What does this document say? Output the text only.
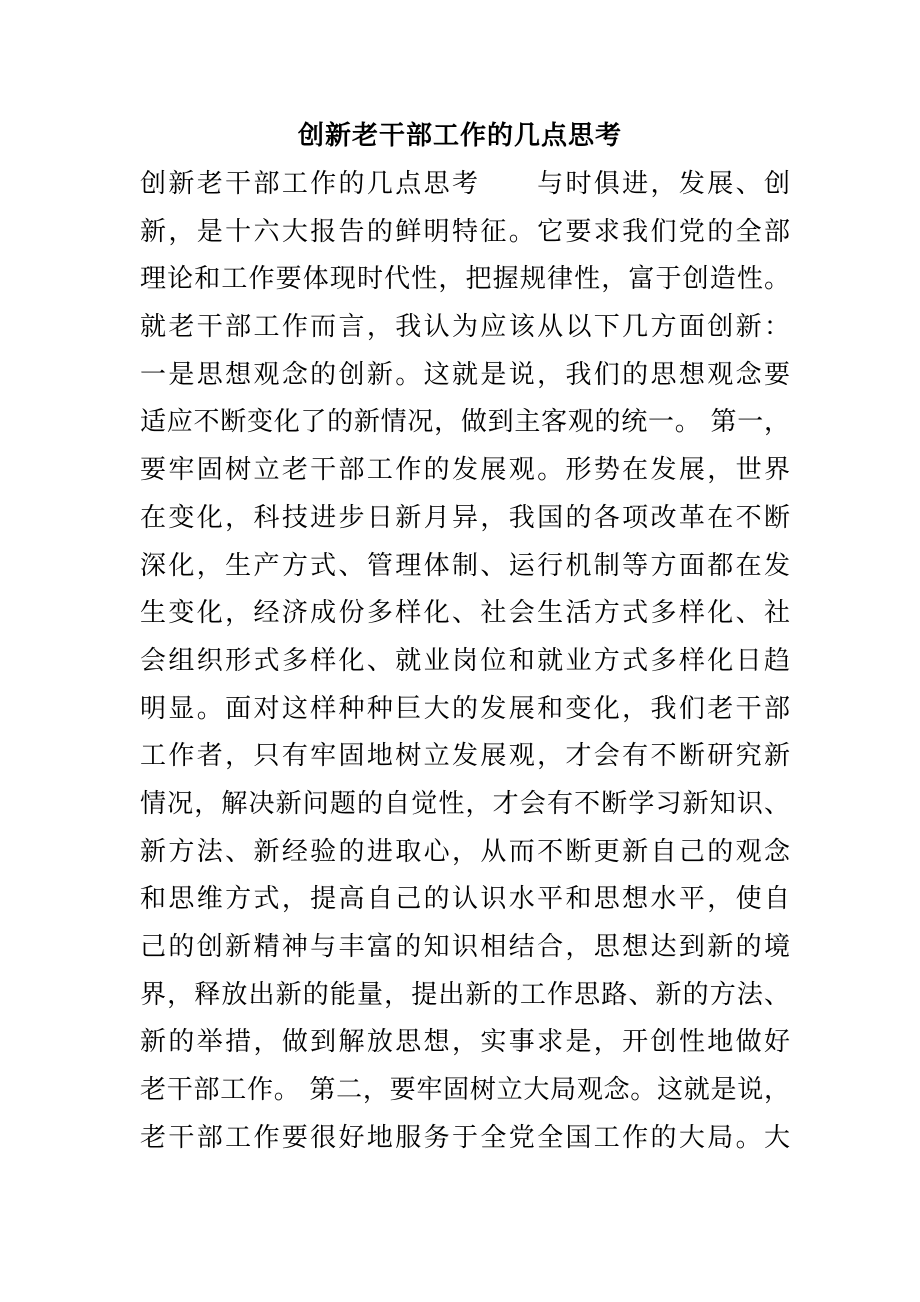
创新老干部工作的几点思考
创新老干部工作的几点思考　　与时俱进，发展、创
新，是十六大报告的鲜明特征。它要求我们党的全部
理论和工作要体现时代性，把握规律性，富于创造性。
就老干部工作而言，我认为应该从以下几方面创新：
一是思想观念的创新。这就是说，我们的思想观念要
适应不断变化了的新情况，做到主客观的统一。 第一，
要牢固树立老干部工作的发展观。形势在发展，世界
在变化，科技进步日新月异，我国的各项改革在不断
深化，生产方式、管理体制、运行机制等方面都在发
生变化，经济成份多样化、社会生活方式多样化、社
会组织形式多样化、就业岗位和就业方式多样化日趋
明显。面对这样种种巨大的发展和变化，我们老干部
工作者，只有牢固地树立发展观，才会有不断研究新
情况，解决新问题的自觉性，才会有不断学习新知识、
新方法、新经验的进取心，从而不断更新自己的观念
和思维方式，提高自己的认识水平和思想水平，使自
己的创新精神与丰富的知识相结合，思想达到新的境
界，释放出新的能量，提出新的工作思路、新的方法、
新的举措，做到解放思想，实事求是，开创性地做好
老干部工作。 第二，要牢固树立大局观念。这就是说，
老干部工作要很好地服务于全党全国工作的大局。大
